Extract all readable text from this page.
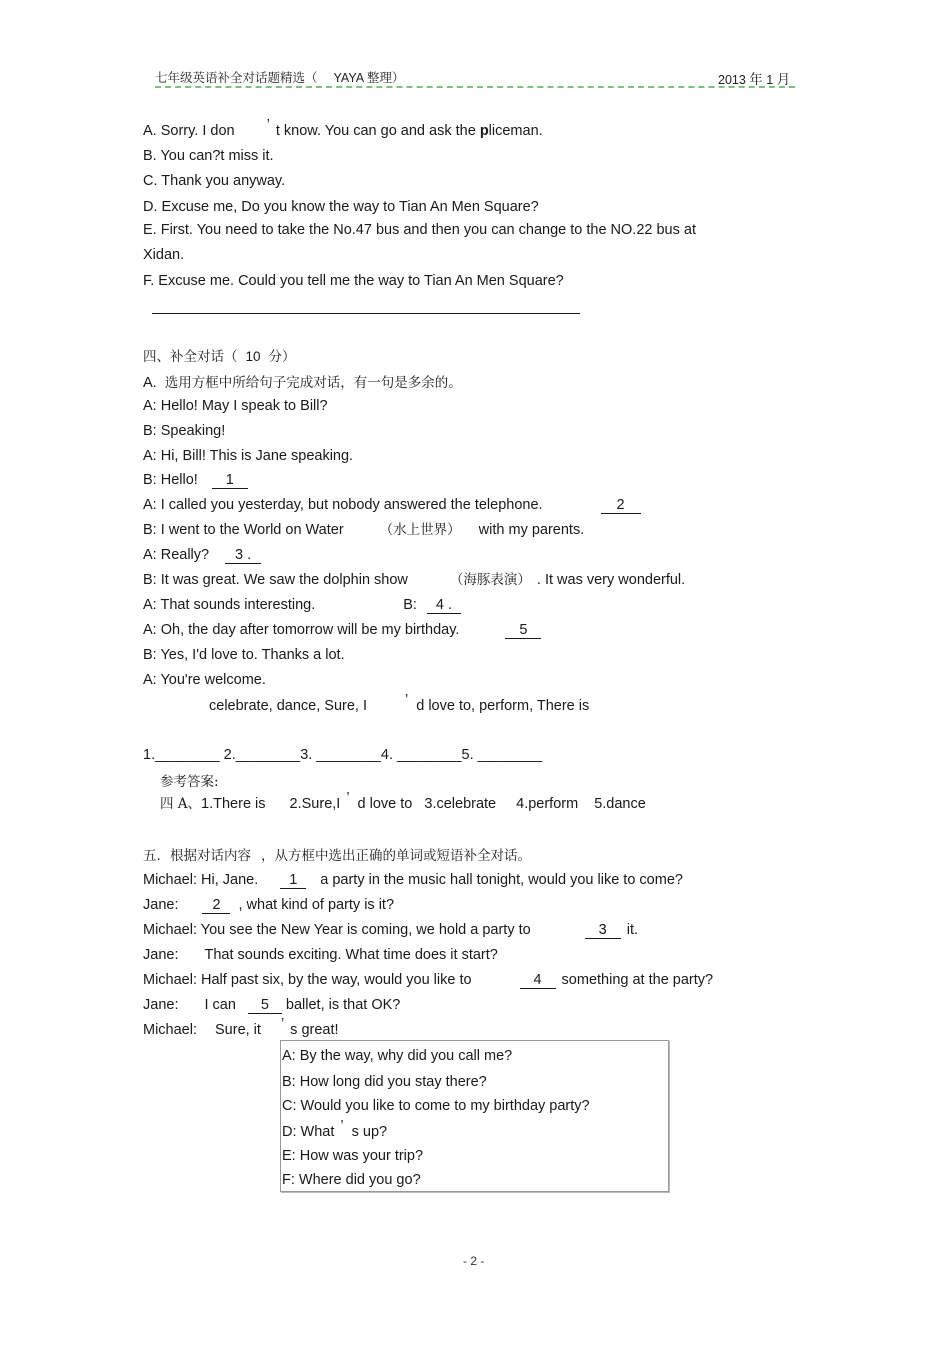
七年级英语补全对话题精选（ YAYA 整理）	2013 年 1 月
A. Sorry. I don ’ t know. You can go and ask the pliceman.
B. You can?t miss it.
C. Thank you anyway.
D. Excuse me, Do you know the way to Tian An Men Square?
E. First. You need to take the No.47 bus and then you can change to the NO.22 bus at
Xidan.
F. Excuse me. Could you tell me the way to Tian An Men Square?
四、补全对话（ 10 分）
A. 选用方框中所给句子完成对话，有一句是多余的。
A: Hello! May I speak to Bill?
B: Speaking!
A: Hi, Bill! This is Jane speaking.
B: Hello! 1
A: I called you yesterday, but nobody answered the telephone.	2
B: I went to the World on Water	（水上世界） with my parents.
A: Really? 3 .
B: It was great. We saw the dolphin show	（海豚表演） . It was very wonderful.
A: That sounds interesting.	B: 4 .
A: Oh, the day after tomorrow will be my birthday.	5
B: Yes, I'd love to. Thanks a lot.
A: You're welcome.
celebrate, dance, Sure, I	’ d love to, perform, There is
1.________ 2.________3. ________4. ________5. ________
参考答案:
四 A、1.There is 2.Sure,I ’ d love to 3.celebrate 4.perform 5.dance
五．根据对话内容 ，从方框中选出正确的单词或短语补全对话。
Michael: Hi, Jane. 1 a party in the music hall tonight, would you like to come?
Jane: 2 , what kind of party is it?
Michael: You see the New Year is coming, we hold a party to	3 it.
Jane: That sounds exciting. What time does it start?
Michael: Half past six, by the way, would you like to	4 something at the party?
Jane: I can 5 ballet, is that OK?
Michael: Sure, it ’ s great!
A: By the way, why did you call me?
B: How long did you stay there?
C: Would you like to come to my birthday party?
D: What ’ s up?
E: How was your trip?
F: Where did you go?
- 2 -
